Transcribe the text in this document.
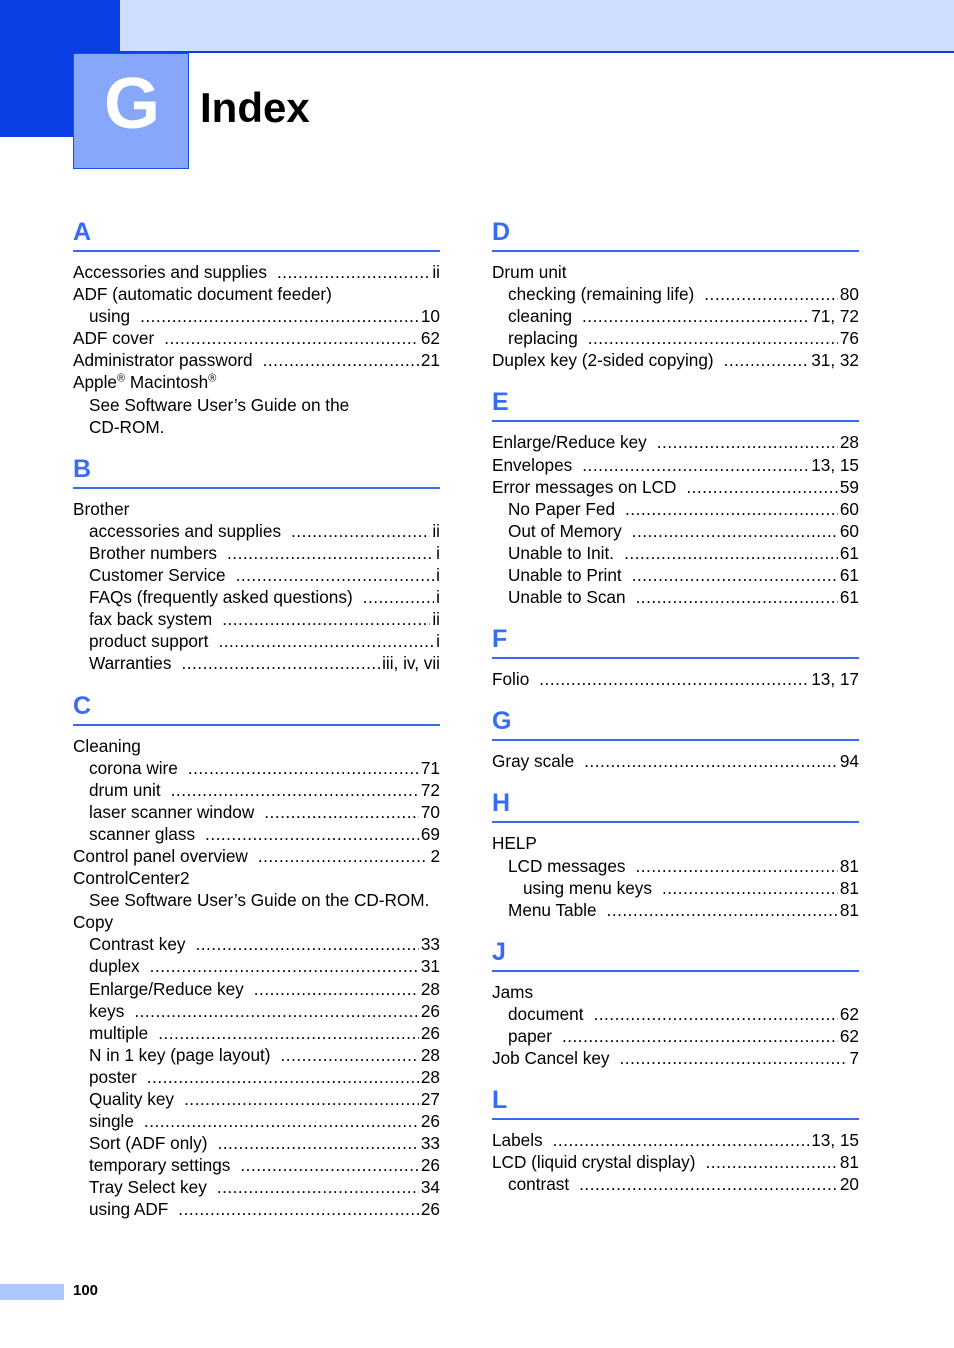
G Index
A
Accessories and supplies .....	ii
ADF (automatic document feeder)
using .....	10
ADF cover .....	62
Administrator password .....	21
Apple® Macintosh®
See Software User’s Guide on the
CD-ROM.
B
Brother
accessories and supplies .....	ii
Brother numbers .....	i
Customer Service .....	i
FAQs (frequently asked questions) .....	i
fax back system .....	ii
product support .....	i
Warranties .....	iii, iv, vii
C
Cleaning
corona wire .....	71
drum unit .....	72
laser scanner window .....	70
scanner glass .....	69
Control panel overview .....	2
ControlCenter2
See Software User’s Guide on the CD-ROM.
Copy
Contrast key .....	33
duplex .....	31
Enlarge/Reduce key .....	28
keys .....	26
multiple .....	26
N in 1 key (page layout) .....	28
poster .....	28
Quality key .....	27
single .....	26
Sort (ADF only) .....	33
temporary settings .....	26
Tray Select key .....	34
using ADF .....	26
D
Drum unit
checking (remaining life) .....	80
cleaning .....	71, 72
replacing .....	76
Duplex key (2-sided copying) .....	31, 32
E
Enlarge/Reduce key .....	28
Envelopes .....	13, 15
Error messages on LCD .....	59
No Paper Fed .....	60
Out of Memory .....	60
Unable to Init. .....	61
Unable to Print .....	61
Unable to Scan .....	61
F
Folio .....	13, 17
G
Gray scale .....	94
H
HELP
LCD messages .....	81
using menu keys .....	81
Menu Table .....	81
J
Jams
document .....	62
paper .....	62
Job Cancel key .....	7
L
Labels .....	13, 15
LCD (liquid crystal display) .....	81
contrast .....	20
100
